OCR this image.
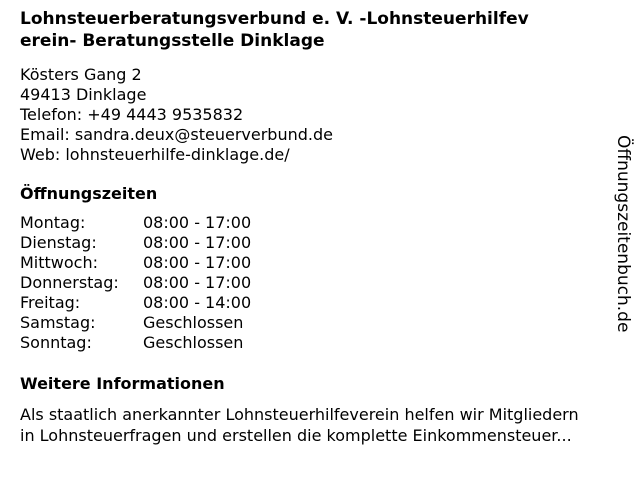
Lohnsteuerberatungsverbund e. V. -Lohnsteuerhilfev
erein- Beratungsstelle Dinklage
Kösters Gang 2
49413 Dinklage
Telefon: +49 4443 9535832
Email: sandra.deux@steuerverbund.de
Web: lohnsteuerhilfe-dinklage.de/
Öffnungszeiten
Montag:	08:00 - 17:00
Dienstag:	08:00 - 17:00
Mittwoch:	08:00 - 17:00
Donnerstag:	08:00 - 17:00
Freitag:	08:00 - 14:00
Samstag:	Geschlossen
Sonntag:	Geschlossen
Weitere Informationen
Als staatlich anerkannter Lohnsteuerhilfeverein helfen wir Mitgliedern
in Lohnsteuerfragen und erstellen die komplette Einkommensteuer...
Öffnungszeitenbuch.de
